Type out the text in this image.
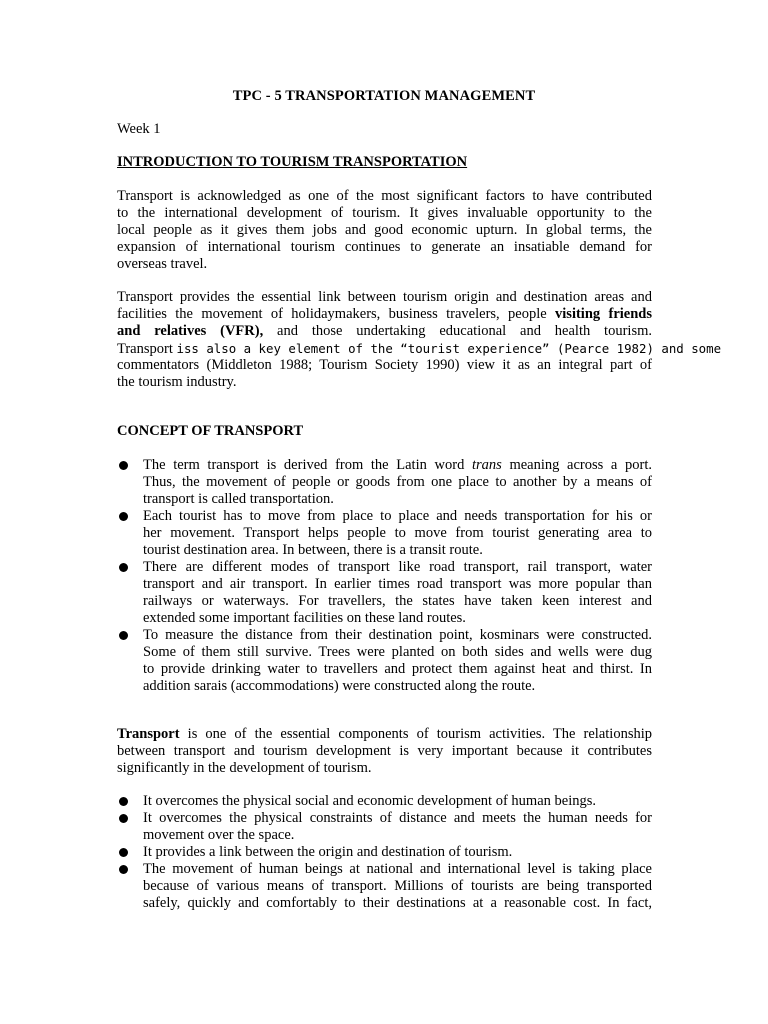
TPC - 5 TRANSPORTATION MANAGEMENT
Week 1
INTRODUCTION TO TOURISM TRANSPORTATION
Transport is acknowledged as one of the most significant factors to have contributed
to the international development of tourism. It gives invaluable opportunity to the
local people as it gives them jobs and good economic upturn. In global terms, the
expansion of international tourism continues to generate an insatiable demand for
overseas travel.
Transport provides the essential link between tourism origin and destination areas and
facilities the movement of holidaymakers, business travelers, people visiting friends
and relatives (VFR), and those undertaking educational and health tourism.
Transport iss also a key element of the “tourist experience” (Pearce 1982) and some
commentators (Middleton 1988; Tourism Society 1990) view it as an integral part of
the tourism industry.
CONCEPT OF TRANSPORT
The term transport is derived from the Latin word trans meaning across a port.
Thus, the movement of people or goods from one place to another by a means of
transport is called transportation.
Each tourist has to move from place to place and needs transportation for his or
her movement. Transport helps people to move from tourist generating area to
tourist destination area. In between, there is a transit route.
There are different modes of transport like road transport, rail transport, water
transport and air transport. In earlier times road transport was more popular than
railways or waterways. For travellers, the states have taken keen interest and
extended some important facilities on these land routes.
To measure the distance from their destination point, kosminars were constructed.
Some of them still survive. Trees were planted on both sides and wells were dug
to provide drinking water to travellers and protect them against heat and thirst. In
addition sarais (accommodations) were constructed along the route.
Transport is one of the essential components of tourism activities. The relationship
between transport and tourism development is very important because it contributes
significantly in the development of tourism.
It overcomes the physical social and economic development of human beings.
It overcomes the physical constraints of distance and meets the human needs for
movement over the space.
It provides a link between the origin and destination of tourism.
The movement of human beings at national and international level is taking place
because of various means of transport. Millions of tourists are being transported
safely, quickly and comfortably to their destinations at a reasonable cost. In fact,
